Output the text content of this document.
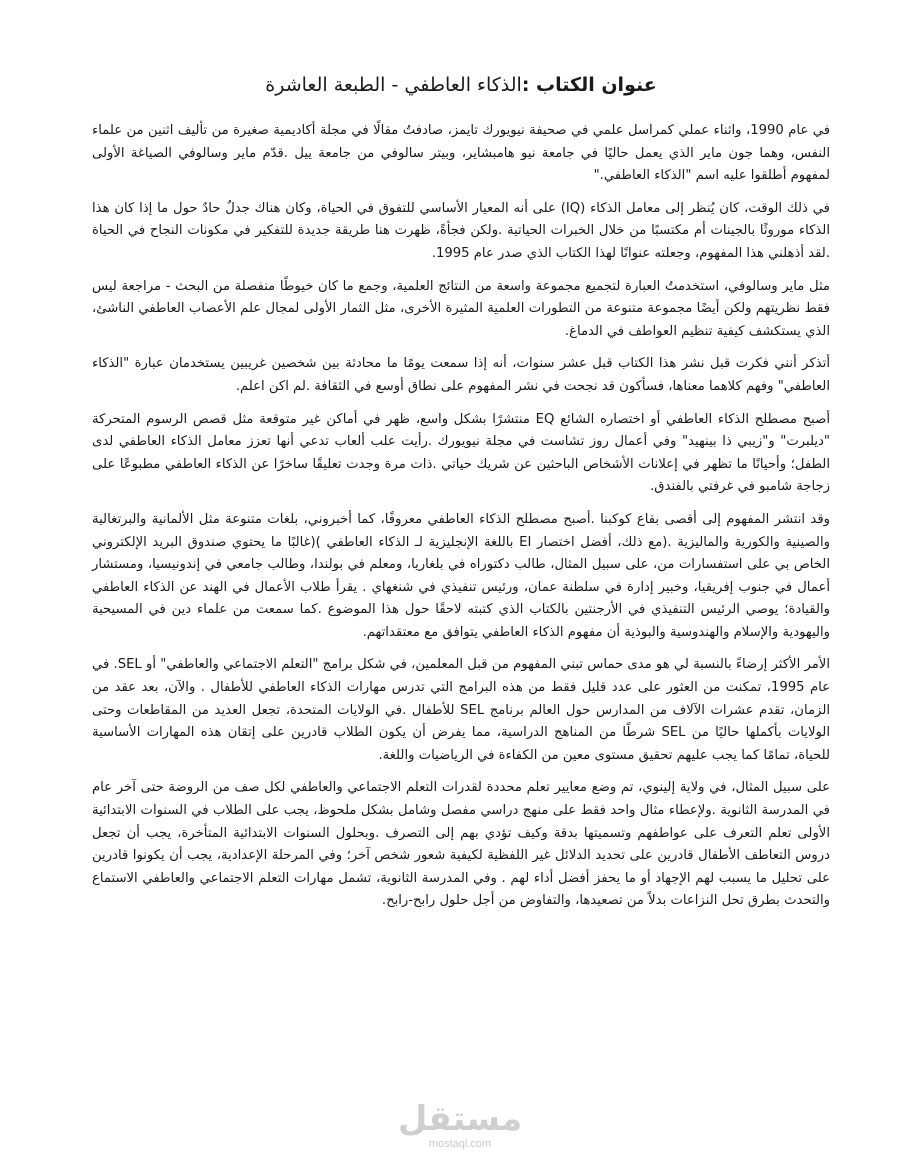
عنوان الكتاب :الذكاء العاطفي - الطبعة العاشرة

في عام 1990، واثناء عملي كمراسل علمي في صحيفة نيويورك تايمز، صادفتُ مقالًا في مجلة أكاديمية صغيرة من تأليف اثنين من علماء النفس، وهما جون ماير الذي يعمل حاليًا في جامعة نيو هامبشاير، وبيتر سالوفي من جامعة ييل .قدّم ماير وسالوفي الصياغة الأولى لمفهوم أطلقوا عليه اسم "الذكاء العاطفي."

في ذلك الوقت، كان يُنظر إلى معامل الذكاء (IQ) على أنه المعيار الأساسي للتفوق في الحياة، وكان هناك جدلٌ حادٌ حول ما إذا كان هذا الذكاء موروثًا بالجينات أم مكتسبًا من خلال الخبرات الحياتية .ولكن فجأةً، ظهرت هنا طريقة جديدة للتفكير في مكونات النجاح في الحياة .لقد أذهلني هذا المفهوم، وجعلته عنوانًا لهذا الكتاب الذي صدر عام 1995.

مثل ماير وسالوفي، استخدمتُ العبارة لتجميع مجموعة واسعة من النتائج العلمية، وجمع ما كان خيوطًا منفصلة من البحث - مراجعة ليس فقط نظريتهم ولكن أيضًا مجموعة متنوعة من التطورات العلمية المثيرة الأخرى، مثل الثمار الأولى لمجال علم الأعصاب العاطفي الناشئ، الذي يستكشف كيفية تنظيم العواطف في الدماغ.

أتذكر أنني فكرت قبل نشر هذا الكتاب قبل عشر سنوات، أنه إذا سمعت يومًا ما محادثة بين شخصين غريبين يستخدمان عبارة "الذكاء العاطفي" وفهم كلاهما معناها، فسأكون قد نجحت في نشر المفهوم على نطاق أوسع في الثقافة .لم اكن اعلم.

أصبح مصطلح الذكاء العاطفي أو اختصاره الشائع EQ منتشرًا بشكل واسع، ظهر في أماكن غير متوقعة مثل قصص الرسوم المتحركة "ديلبرت" و"زيبي ذا بينهيد" وفي أعمال روز تشاست في مجلة نيويورك .رأيت علب ألعاب تدعي أنها تعزز معامل الذكاء العاطفي لدى الطفل؛ وأحيانًا ما تظهر في إعلانات الأشخاص الباحثين عن شريك حياتي .ذات مرة وجدت تعليقًا ساخرًا عن الذكاء العاطفي مطبوعًا على زجاجة شامبو في غرفتي بالفندق.

وقد انتشر المفهوم إلى أقصى بقاع كوكبنا .أصبح مصطلح الذكاء العاطفي معروفًا، كما أخبروني، بلغات متنوعة مثل الألمانية والبرتغالية والصينية والكورية والماليزية .(مع ذلك، أفضل اختصار EI باللغة الإنجليزية لـ الذكاء العاطفي )(غالبًا ما يحتوي صندوق البريد الإلكتروني الخاص بي على استفسارات من، على سبيل المثال، طالب دكتوراه في بلغاريا، ومعلم في بولندا، وطالب جامعي في إندونيسيا، ومستشار أعمال في جنوب إفريقيا، وخبير إدارة في سلطنة عمان، ورئيس تنفيذي في شنغهاي . يقرأ طلاب الأعمال في الهند عن الذكاء العاطفي والقيادة؛ يوصي الرئيس التنفيذي في الأرجنتين بالكتاب الذي كتبته لاحقًا حول هذا الموضوع .كما سمعت من علماء دين في المسيحية واليهودية والإسلام والهندوسية والبوذية أن مفهوم الذكاء العاطفي يتوافق مع معتقداتهم.

الأمر الأكثر إرضاءً بالنسبة لي هو مدى حماس تبني المفهوم من قبل المعلمين، في شكل برامج "التعلم الاجتماعي والعاطفي" أو SEL. في عام 1995، تمكنت من العثور على عدد قليل فقط من هذه البرامج التي تدرس مهارات الذكاء العاطفي للأطفال . والآن، بعد عقد من الزمان، تقدم عشرات الآلاف من المدارس حول العالم برنامج SEL للأطفال .في الولايات المتحدة، تجعل العديد من المقاطعات وحتى الولايات بأكملها حاليًا من SEL شرطًا من المناهج الدراسية، مما يفرض أن يكون الطلاب قادرين على إتقان هذه المهارات الأساسية للحياة، تمامًا كما يجب عليهم تحقيق مستوى معين من الكفاءة في الرياضيات واللغة.

على سبيل المثال، في ولاية إلينوي، تم وضع معايير تعلم محددة لقدرات التعلم الاجتماعي والعاطفي لكل صف من الروضة حتى آخر عام في المدرسة الثانوية .ولإعطاء مثال واحد فقط على منهج دراسي مفصل وشامل بشكل ملحوظ، يجب على الطلاب في السنوات الابتدائية الأولى تعلم التعرف على عواطفهم وتسميتها بدقة وكيف تؤدي بهم إلى التصرف .وبحلول السنوات الابتدائية المتأخرة، يجب أن تجعل دروس التعاطف الأطفال قادرين على تحديد الدلائل غير اللفظية لكيفية شعور شخص آخر؛ وفي المرحلة الإعدادية، يجب أن يكونوا قادرين على تحليل ما يسبب لهم الإجهاد أو ما يحفز أفضل أداء لهم . وفي المدرسة الثانوية، تشمل مهارات التعلم الاجتماعي والعاطفي الاستماع والتحدث بطرق تحل النزاعات بدلاً من تصعيدها، والتفاوض من أجل حلول رابح-رابح.

مستقل
mostaql.com
